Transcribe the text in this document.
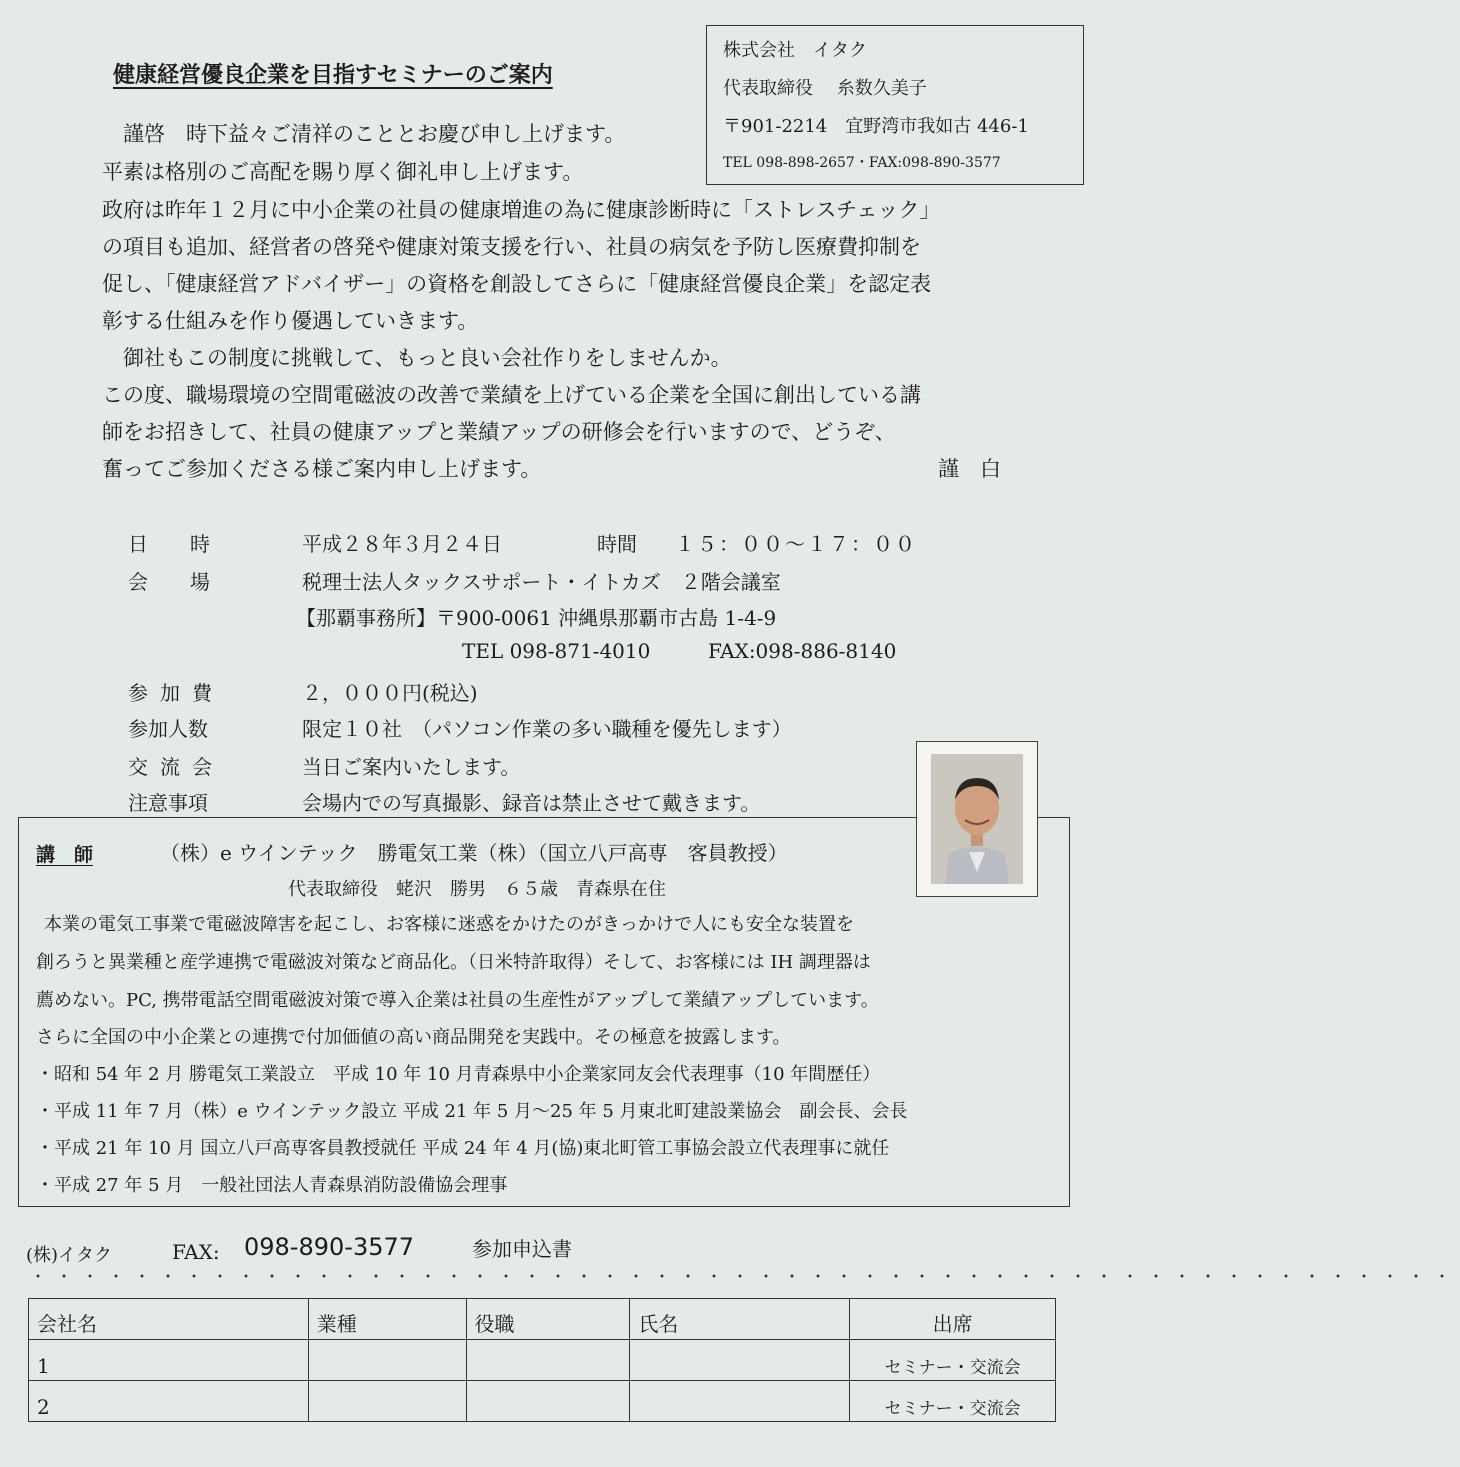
株式会社　イタク
代表取締役　 糸数久美子
〒901-2214　宜野湾市我如古 446-1
TEL 098-898-2657・FAX:098-890-3577
健康経営優良企業を目指すセミナーのご案内
　謹啓　時下益々ご清祥のこととお慶び申し上げます。
平素は格別のご高配を賜り厚く御礼申し上げます。
政府は昨年１２月に中小企業の社員の健康増進の為に健康診断時に「ストレスチェック」
の項目も追加、経営者の啓発や健康対策支援を行い、社員の病気を予防し医療費抑制を
促し、「健康経営アドバイザー」の資格を創設してさらに「健康経営優良企業」を認定表
彰する仕組みを作り優遇していきます。
　御社もこの制度に挑戦して、もっと良い会社作りをしませんか。
この度、職場環境の空間電磁波の改善で業績を上げている企業を全国に創出している講
師をお招きして、社員の健康アップと業績アップの研修会を行いますので、どうぞ、
奮ってご参加くださる様ご案内申し上げます。	謹　白
日時	平成２８年３月２４日	時間 １５：００～１７：００
会場	税理士法人タックスサポート・イトカズ　２階会議室
【那覇事務所】〒900-0061 沖縄県那覇市古島 1-4-9
TEL 098-871-4010	FAX:098-886-8140
参加費	２，０００円(税込)
参加人数	限定１０社　（パソコン作業の多い職種を優先します）
交流会	当日ご案内いたします。
注意事項	会場内での写真撮影、録音は禁止させて戴きます。
講　師	（株）e ウインテック　勝電気工業（株）（国立八戸高専　客員教授）
代表取締役　蛯沢　勝男　６５歳　青森県在住
本業の電気工事業で電磁波障害を起こし、お客様に迷惑をかけたのがきっかけで人にも安全な装置を
創ろうと異業種と産学連携で電磁波対策など商品化。（日米特許取得）そして、お客様には IH 調理器は
薦めない。PC, 携帯電話空間電磁波対策で導入企業は社員の生産性がアップして業績アップしています。
さらに全国の中小企業との連携で付加価値の高い商品開発を実践中。その極意を披露します。
・昭和 54 年 2 月 勝電気工業設立　平成 10 年 10 月青森県中小企業家同友会代表理事（10 年間歴任）
・平成 11 年 7 月（株）e ウインテック設立 平成 21 年 5 月～25 年 5 月東北町建設業協会　副会長、会長
・平成 21 年 10 月 国立八戸高専客員教授就任 平成 24 年 4 月(協)東北町管工事協会設立代表理事に就任
・平成 27 年 5 月　一般社団法人青森県消防設備協会理事
(株)イタク	FAX: 098-890-3577	参加申込書
・・・・・・・・・・・・・・・・・・・・・・・・・・・・・・・・・・・・・・・・・・・・・・・・・・・・・・・
会社名	業種	役職	氏名	出席
1				セミナー・交流会
2				セミナー・交流会
